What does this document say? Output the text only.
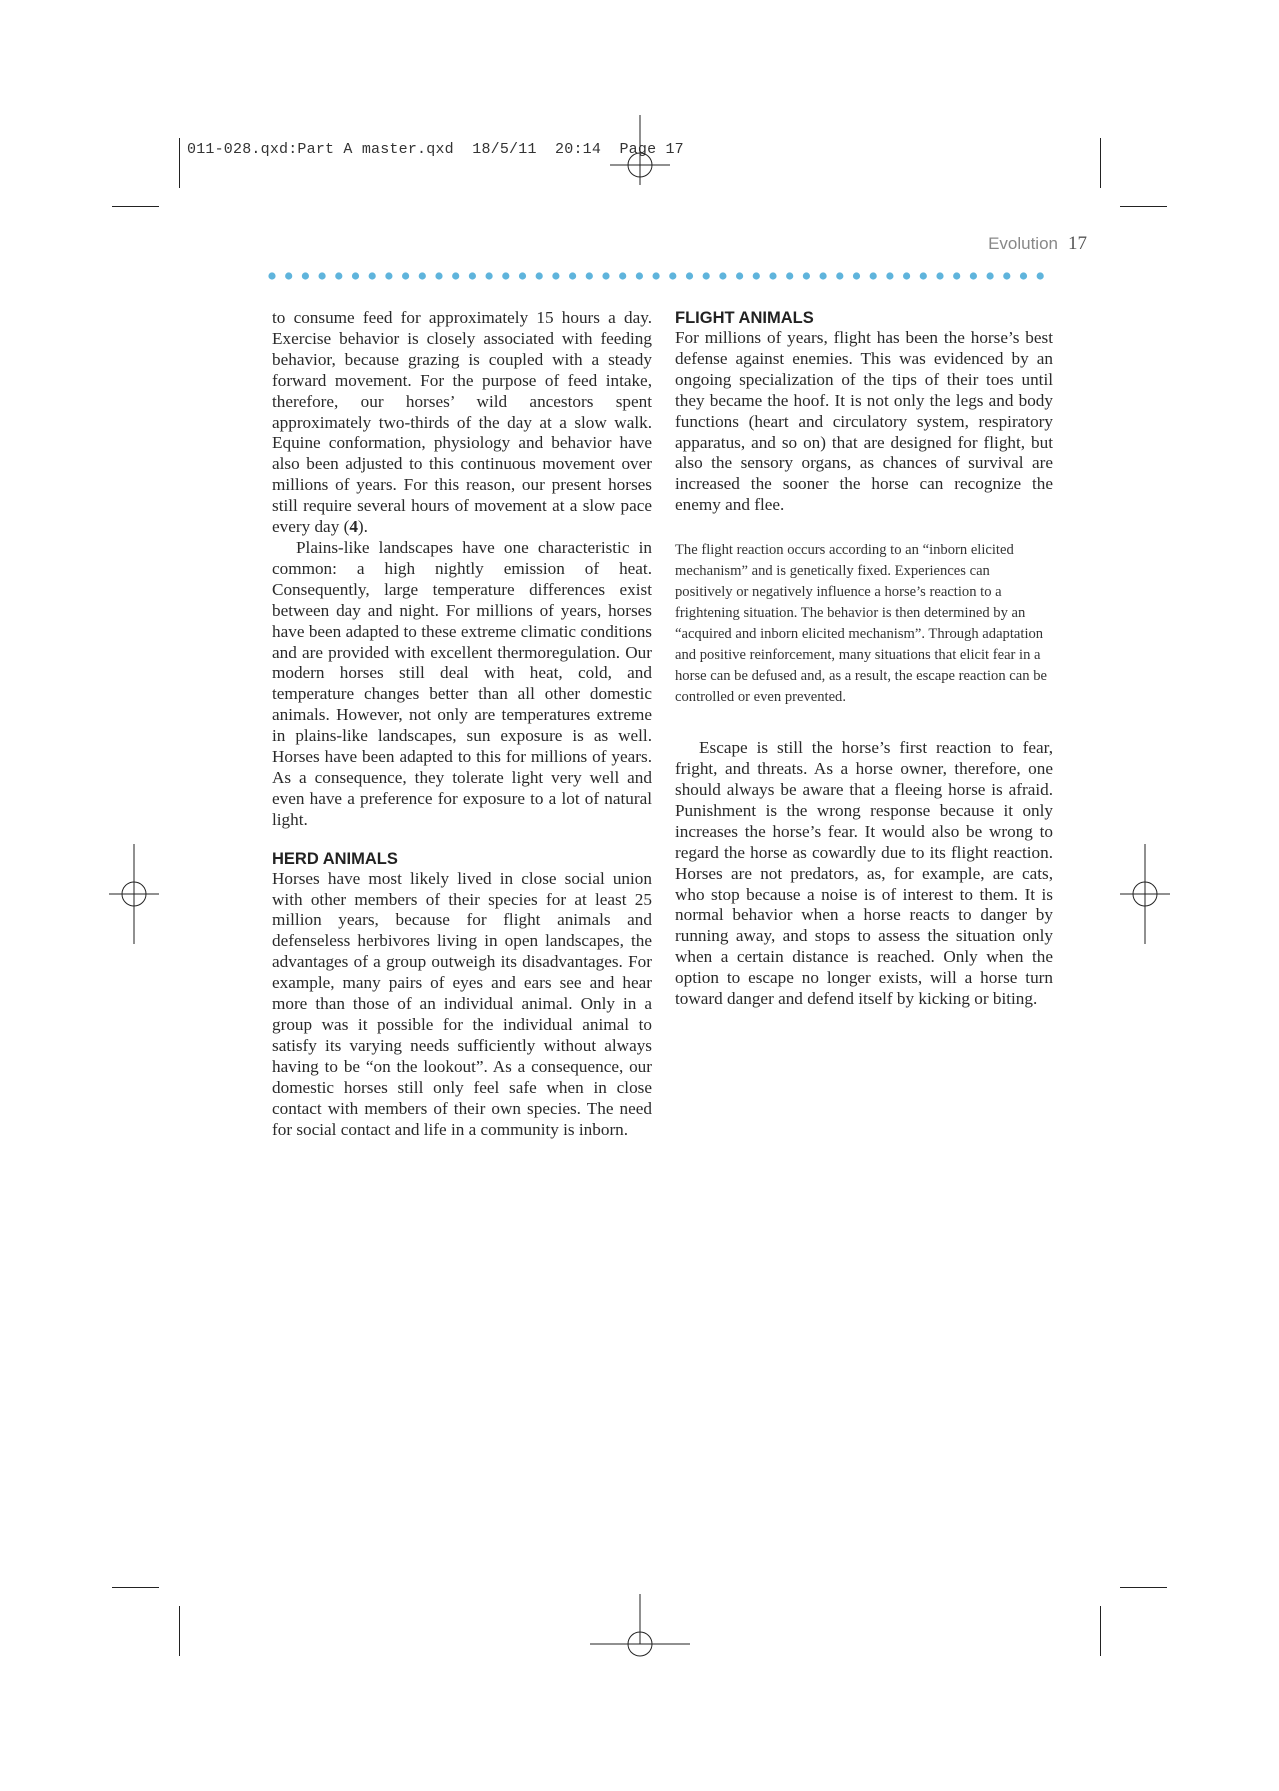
011-028.qxd:Part A master.qxd  18/5/11  20:14  Page 17
Evolution 17

to consume feed for approximately 15 hours a day. Exercise behavior is closely associated with feeding behavior, because grazing is coupled with a steady forward movement. For the purpose of feed intake, therefore, our horses’ wild ancestors spent approximately two-thirds of the day at a slow walk. Equine conformation, physiology and behavior have also been adjusted to this continuous movement over millions of years. For this reason, our present horses still require several hours of movement at a slow pace every day (4).

Plains-like landscapes have one characteristic in common: a high nightly emission of heat. Consequently, large temperature differences exist between day and night. For millions of years, horses have been adapted to these extreme climatic conditions and are provided with excellent thermoregulation. Our modern horses still deal with heat, cold, and temperature changes better than all other domestic animals. However, not only are temperatures extreme in plains-like landscapes, sun exposure is as well. Horses have been adapted to this for millions of years. As a consequence, they tolerate light very well and even have a preference for exposure to a lot of natural light.

HERD ANIMALS

Horses have most likely lived in close social union with other members of their species for at least 25 million years, because for flight animals and defenseless herbivores living in open landscapes, the advantages of a group outweigh its disadvantages. For example, many pairs of eyes and ears see and hear more than those of an individual animal. Only in a group was it possible for the individual animal to satisfy its varying needs sufficiently without always having to be “on the lookout”. As a consequence, our domestic horses still only feel safe when in close contact with members of their own species. The need for social contact and life in a community is inborn.

FLIGHT ANIMALS

For millions of years, flight has been the horse’s best defense against enemies. This was evidenced by an ongoing specialization of the tips of their toes until they became the hoof. It is not only the legs and body functions (heart and circulatory system, respiratory apparatus, and so on) that are designed for flight, but also the sensory organs, as chances of survival are increased the sooner the horse can recognize the enemy and flee.

The flight reaction occurs according to an “inborn elicited mechanism” and is genetically fixed. Experiences can positively or negatively influence a horse’s reaction to a frightening situation. The behavior is then determined by an “acquired and inborn elicited mechanism”. Through adaptation and positive reinforcement, many situations that elicit fear in a horse can be defused and, as a result, the escape reaction can be controlled or even prevented.

Escape is still the horse’s first reaction to fear, fright, and threats. As a horse owner, therefore, one should always be aware that a fleeing horse is afraid. Punishment is the wrong response because it only increases the horse’s fear. It would also be wrong to regard the horse as cowardly due to its flight reaction. Horses are not predators, as, for example, are cats, who stop because a noise is of interest to them. It is normal behavior when a horse reacts to danger by running away, and stops to assess the situation only when a certain distance is reached. Only when the option to escape no longer exists, will a horse turn toward danger and defend itself by kicking or biting.
